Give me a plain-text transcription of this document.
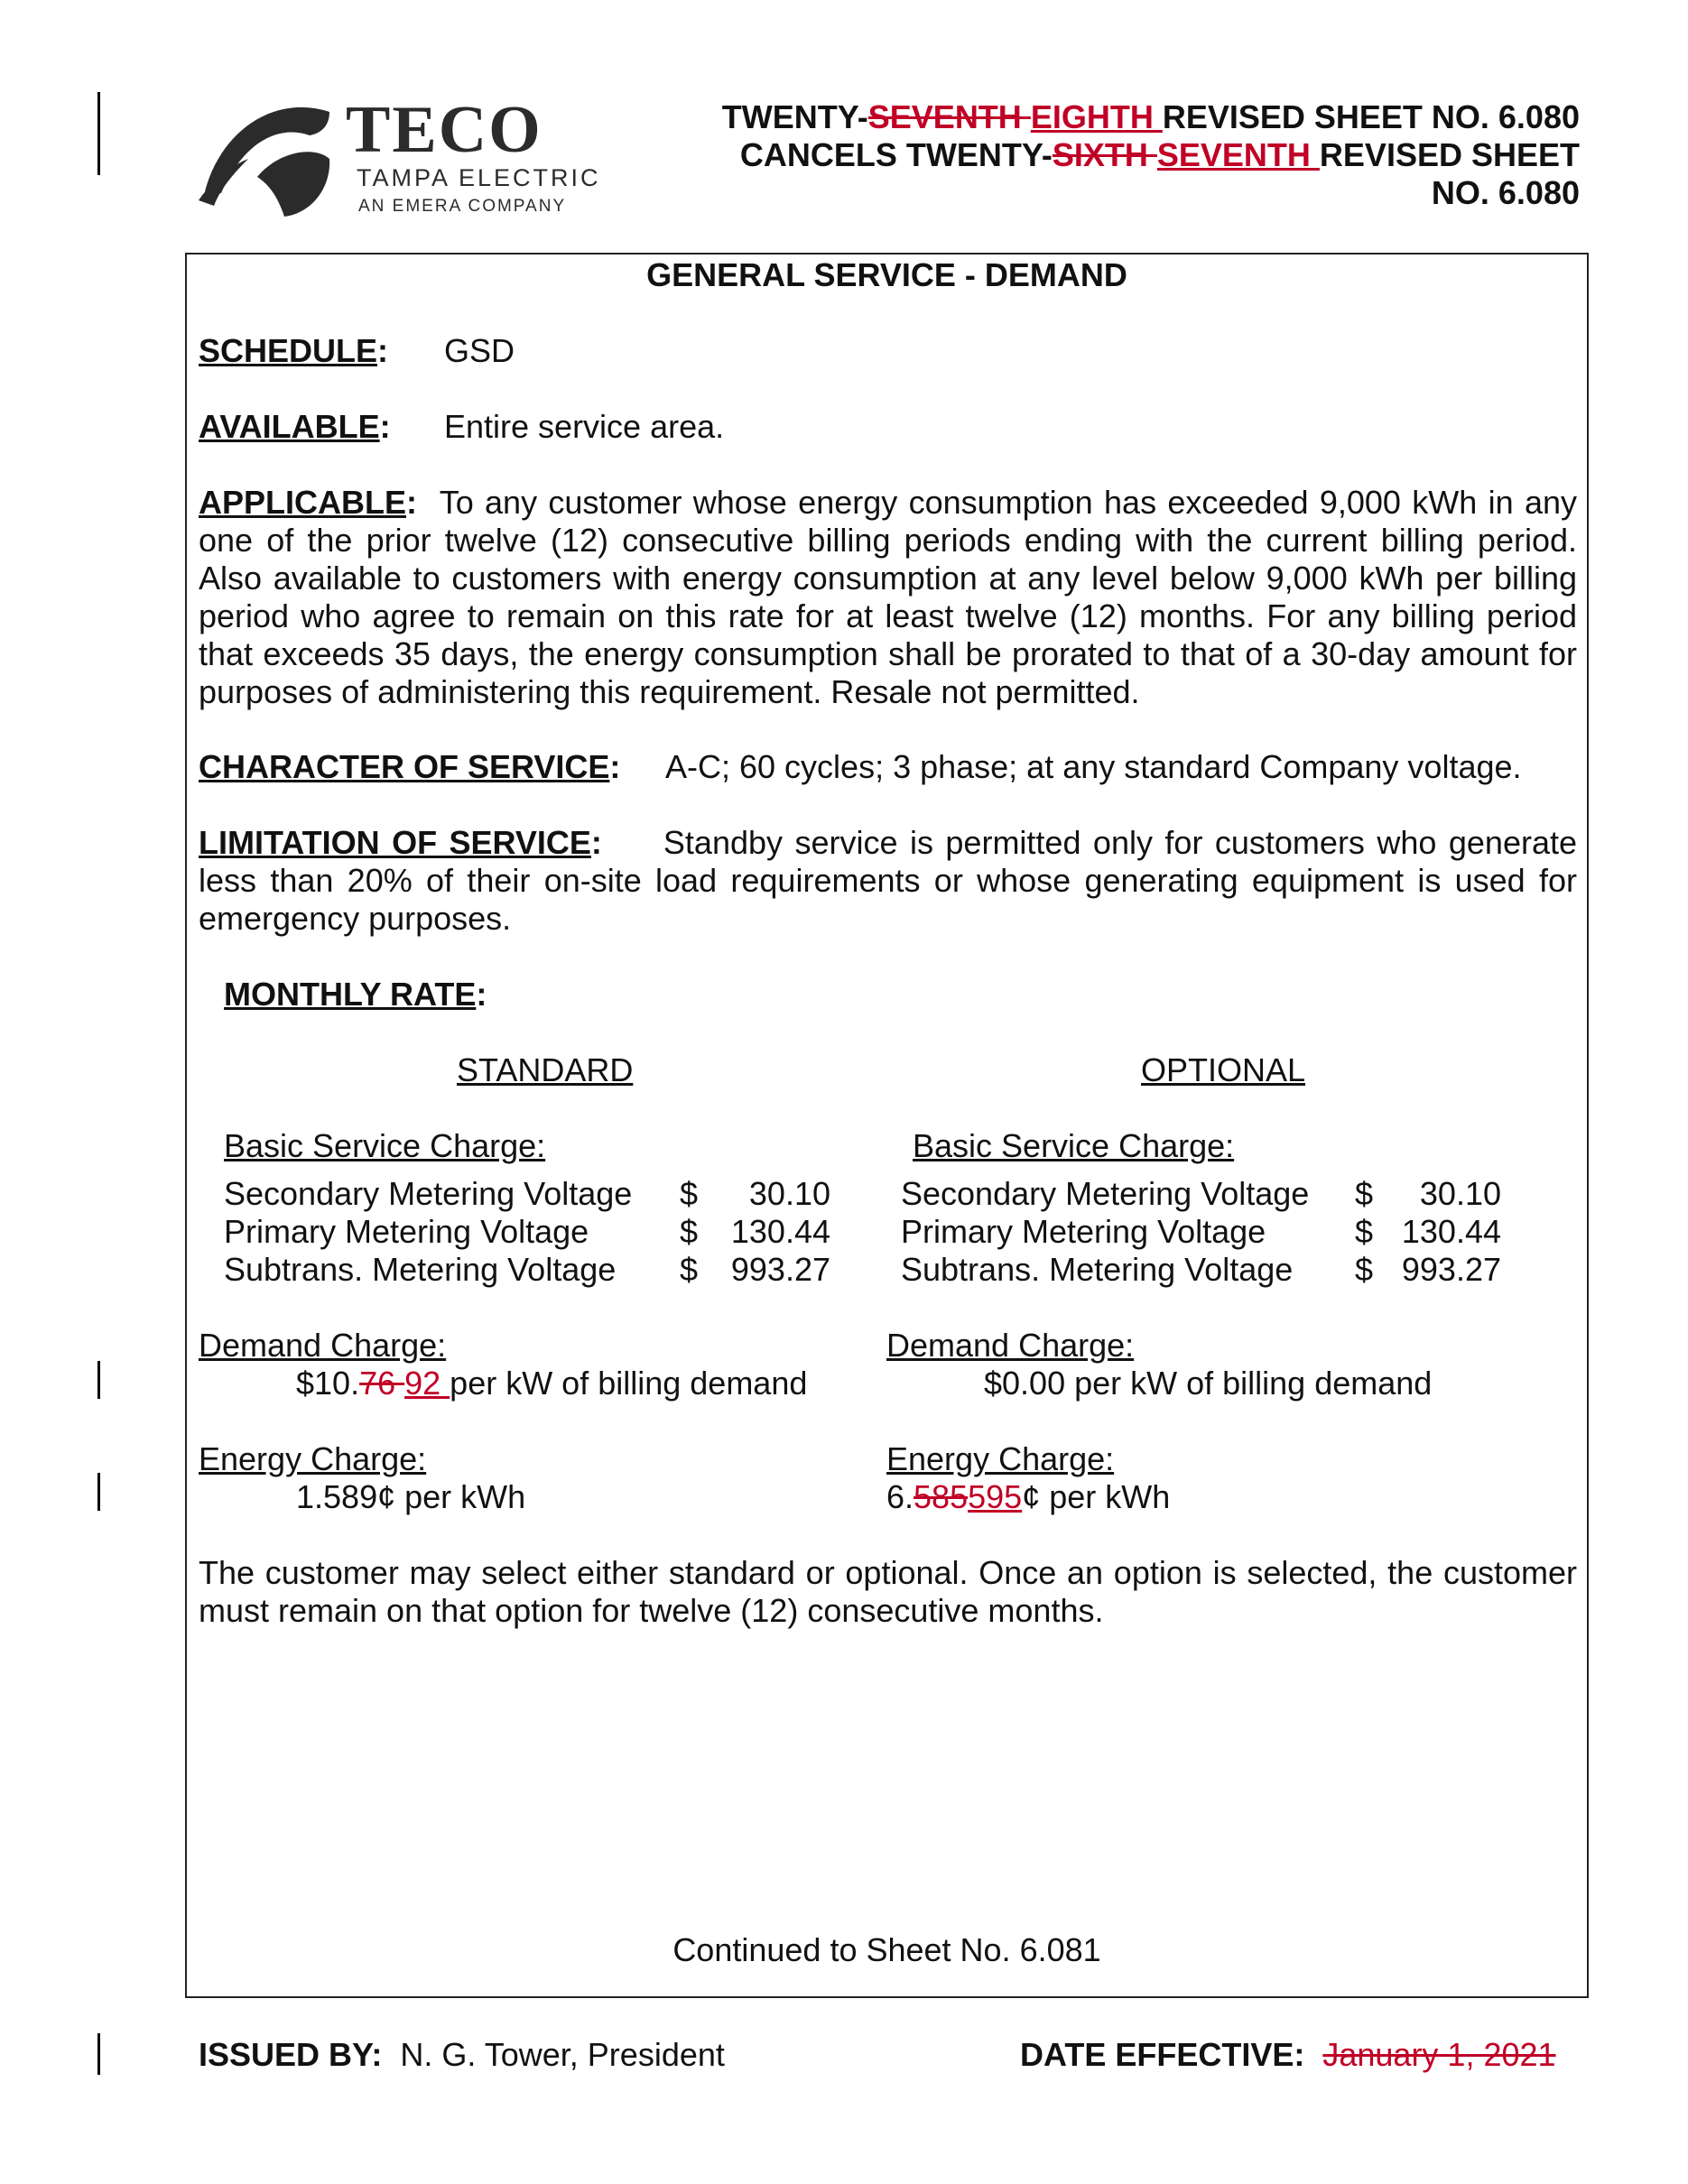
TECO
TAMPA ELECTRIC
AN EMERA COMPANY
TWENTY-SEVENTH EIGHTH REVISED SHEET NO. 6.080
CANCELS TWENTY-SIXTH SEVENTH REVISED SHEET
NO. 6.080
GENERAL SERVICE - DEMAND
SCHEDULE: GSD
AVAILABLE: Entire service area.
APPLICABLE: To any customer whose energy consumption has exceeded 9,000 kWh in any one of the prior twelve (12) consecutive billing periods ending with the current billing period. Also available to customers with energy consumption at any level below 9,000 kWh per billing period who agree to remain on this rate for at least twelve (12) months. For any billing period that exceeds 35 days, the energy consumption shall be prorated to that of a 30-day amount for purposes of administering this requirement. Resale not permitted.
CHARACTER OF SERVICE: A-C; 60 cycles; 3 phase; at any standard Company voltage.
LIMITATION OF SERVICE: Standby service is permitted only for customers who generate less than 20% of their on-site load requirements or whose generating equipment is used for emergency purposes.
MONTHLY RATE:
STANDARD
Basic Service Charge:
Secondary Metering Voltage $ 30.10
Primary Metering Voltage	$ 130.44
Subtrans. Metering Voltage $ 993.27
Demand Charge:
$10.76 92 per kW of billing demand
Energy Charge:
1.589¢ per kWh
OPTIONAL
Basic Service Charge:
Secondary Metering Voltage $ 30.10
Primary Metering Voltage	$ 130.44
Subtrans. Metering Voltage $ 993.27
Demand Charge:
$0.00 per kW of billing demand
Energy Charge:
6.585595¢ per kWh
The customer may select either standard or optional. Once an option is selected, the customer must remain on that option for twelve (12) consecutive months.
Continued to Sheet No. 6.081
ISSUED BY: N. G. Tower, President	DATE EFFECTIVE: January 1, 2021
